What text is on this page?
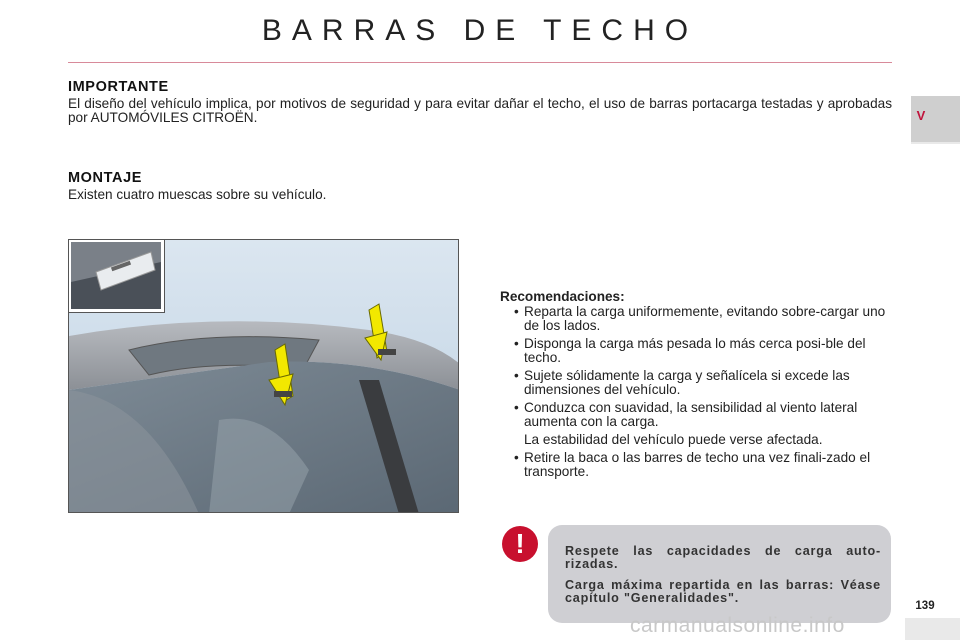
BARRAS DE TECHO
V
IMPORTANTE
El diseño del vehículo implica, por motivos de seguridad y para evitar dañar el techo, el uso de barras portacarga testadas y aprobadas por AUTOMÓVILES CITROËN.
MONTAJE
Existen cuatro muescas sobre su vehículo.
Recomendaciones:
• Reparta la carga uniformemente, evitando sobre-cargar uno de los lados.
• Disponga la carga más pesada lo más cerca posi-ble del techo.
• Sujete sólidamente la carga y señalícela si excede las dimensiones del vehículo.
• Conduzca con suavidad, la sensibilidad al viento lateral aumenta con la carga.
La estabilidad del vehículo puede verse afectada.
• Retire la baca o las barres de techo una vez finali-zado el transporte.
!	Respete las capacidades de carga auto-rizadas.
Carga máxima repartida en las barras: Véase capítulo "Generalidades".
139
carmanualsonline.info
